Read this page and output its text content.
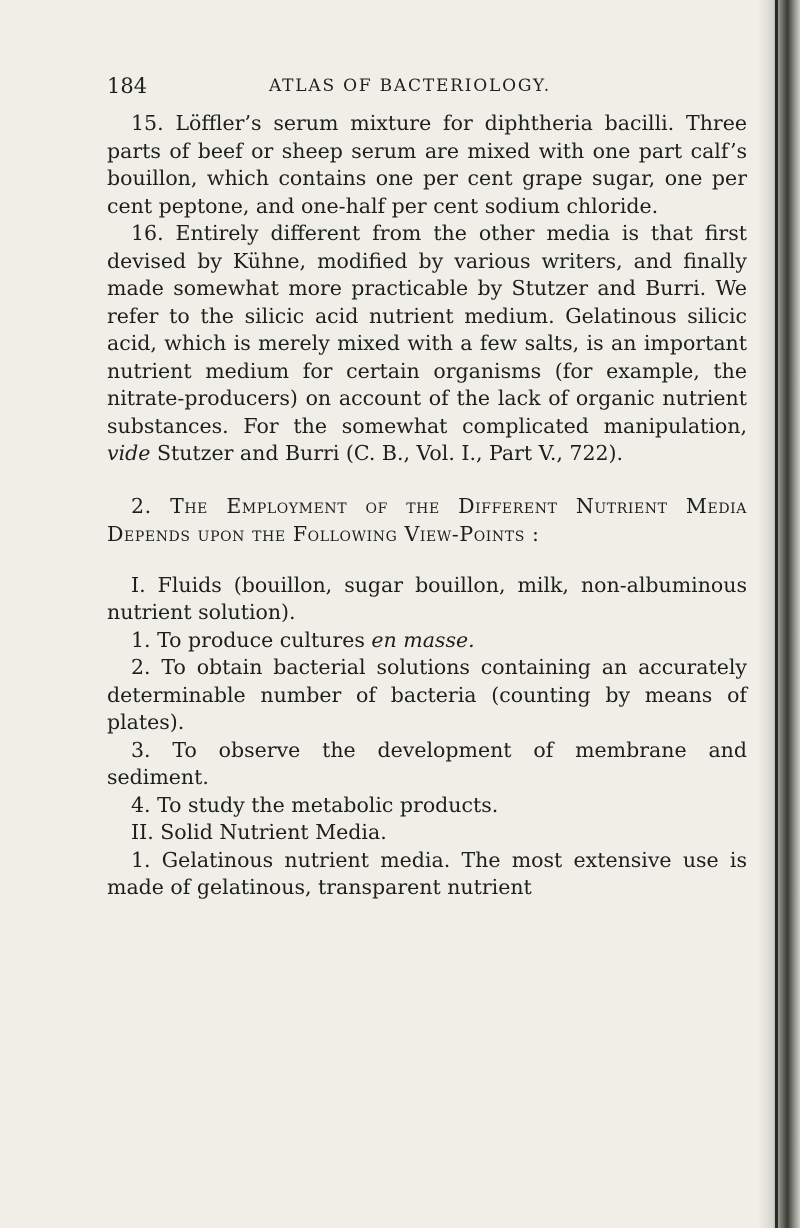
184	ATLAS OF BACTERIOLOGY.

15. Löffler’s serum mixture for diphtheria bacilli. Three parts of beef or sheep serum are mixed with one part calf’s bouillon, which contains one per cent grape sugar, one per cent peptone, and one-half per cent sodium chloride.

16. Entirely different from the other media is that first devised by Kühne, modified by various writers, and finally made somewhat more practicable by Stutzer and Burri. We refer to the silicic acid nutrient medium. Gelatinous silicic acid, which is merely mixed with a few salts, is an important nutrient medium for certain organisms (for example, the nitrate-producers) on account of the lack of organic nutrient substances. For the somewhat complicated manipulation, vide Stutzer and Burri (C. B., Vol. I., Part V., 722).

2. The Employment of the Different Nutrient Media Depends upon the Following View-Points :

I. Fluids (bouillon, sugar bouillon, milk, non-albuminous nutrient solution).

1. To produce cultures en masse.

2. To obtain bacterial solutions containing an accurately determinable number of bacteria (counting by means of plates).

3. To observe the development of membrane and sediment.

4. To study the metabolic products.

II. Solid Nutrient Media.

1. Gelatinous nutrient media. The most extensive use is made of gelatinous, transparent nutrient
